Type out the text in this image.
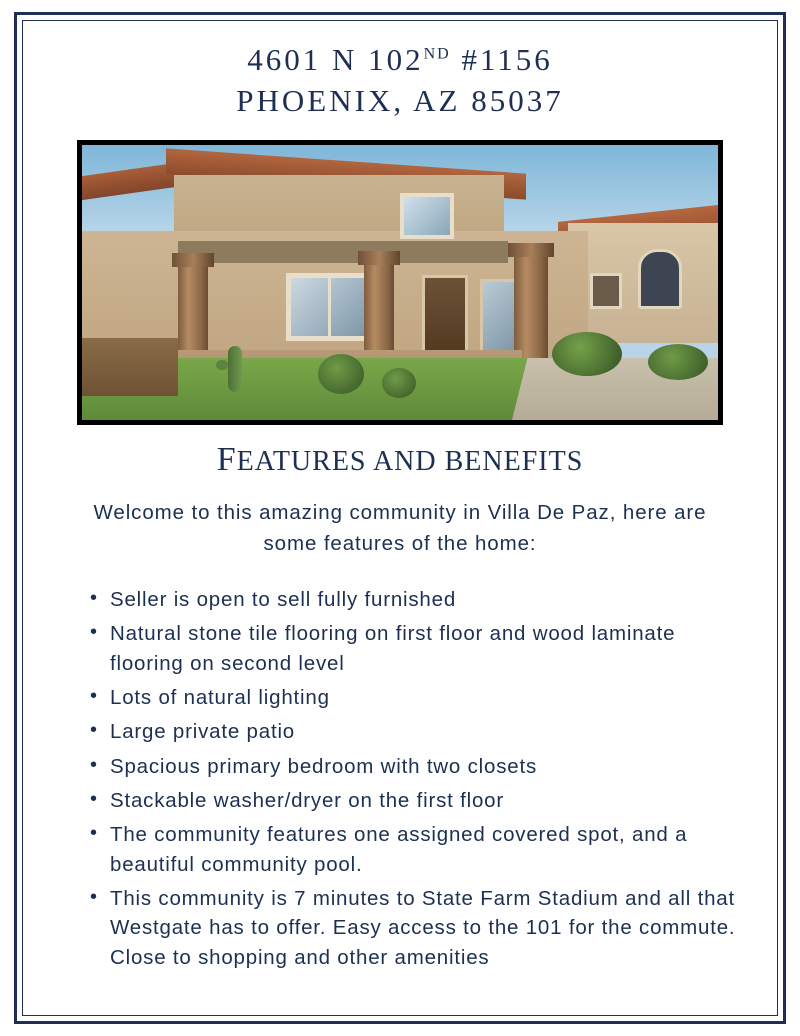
4601 N 102ND #1156
PHOENIX, AZ 85037
FEATURES AND BENEFITS

Welcome to this amazing community in Villa De Paz, here are some features of the home:

• Seller is open to sell fully furnished
• Natural stone tile flooring on first floor and wood laminate flooring on second level
• Lots of natural lighting
• Large private patio
• Spacious primary bedroom with two closets
• Stackable washer/dryer on the first floor
• The community features one assigned covered spot, and a beautiful community pool.
• This community is 7 minutes to State Farm Stadium and all that Westgate has to offer. Easy access to the 101 for the commute. Close to shopping and other amenities
